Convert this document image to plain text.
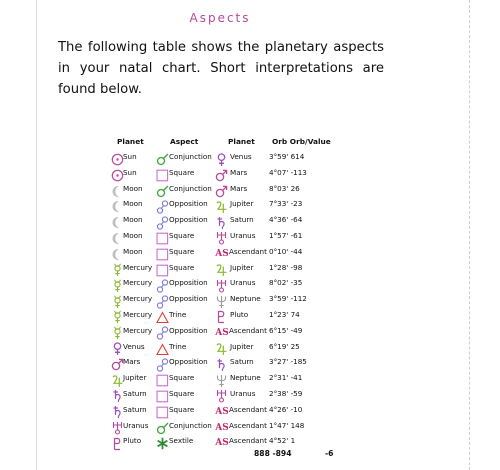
Aspects
The following table shows the planetary aspects in your natal chart. Short interpretations are found below.
Planet	Aspect	Planet Orb Orb/Value
Sun	Conjunction	Venus 3°59' 614
Sun	Square	Mars	4°07' -113
Moon	Conjunction	Mars	8°03' 26
Moon	Opposition	Jupiter 7°33' -23
Moon	Opposition	Saturn 4°36' -64
Moon	Square	Uranus 1°57' -61
Moon	Square AS Ascendant 0°10' -44
Mercury Square	Jupiter 1°28' -98
Mercury Opposition	Uranus 8°02' -35
Mercury Opposition	Neptune 3°59' -112
Mercury Trine	Pluto	1°23' 74
Mercury Opposition AS Ascendant 6°15' -49
Venus	Trine	Jupiter 6°19' 25
Mars	Opposition	Saturn 3°27' -185
Jupiter	Square	Neptune 2°31' -41
Saturn	Square	Uranus 2°38' -59
Saturn	Square AS Ascendant 4°26' -10
Uranus	Conjunction AS Ascendant 1°47' 148
Pluto	Sextile AS Ascendant 4°52' 1
888 -894	-6
